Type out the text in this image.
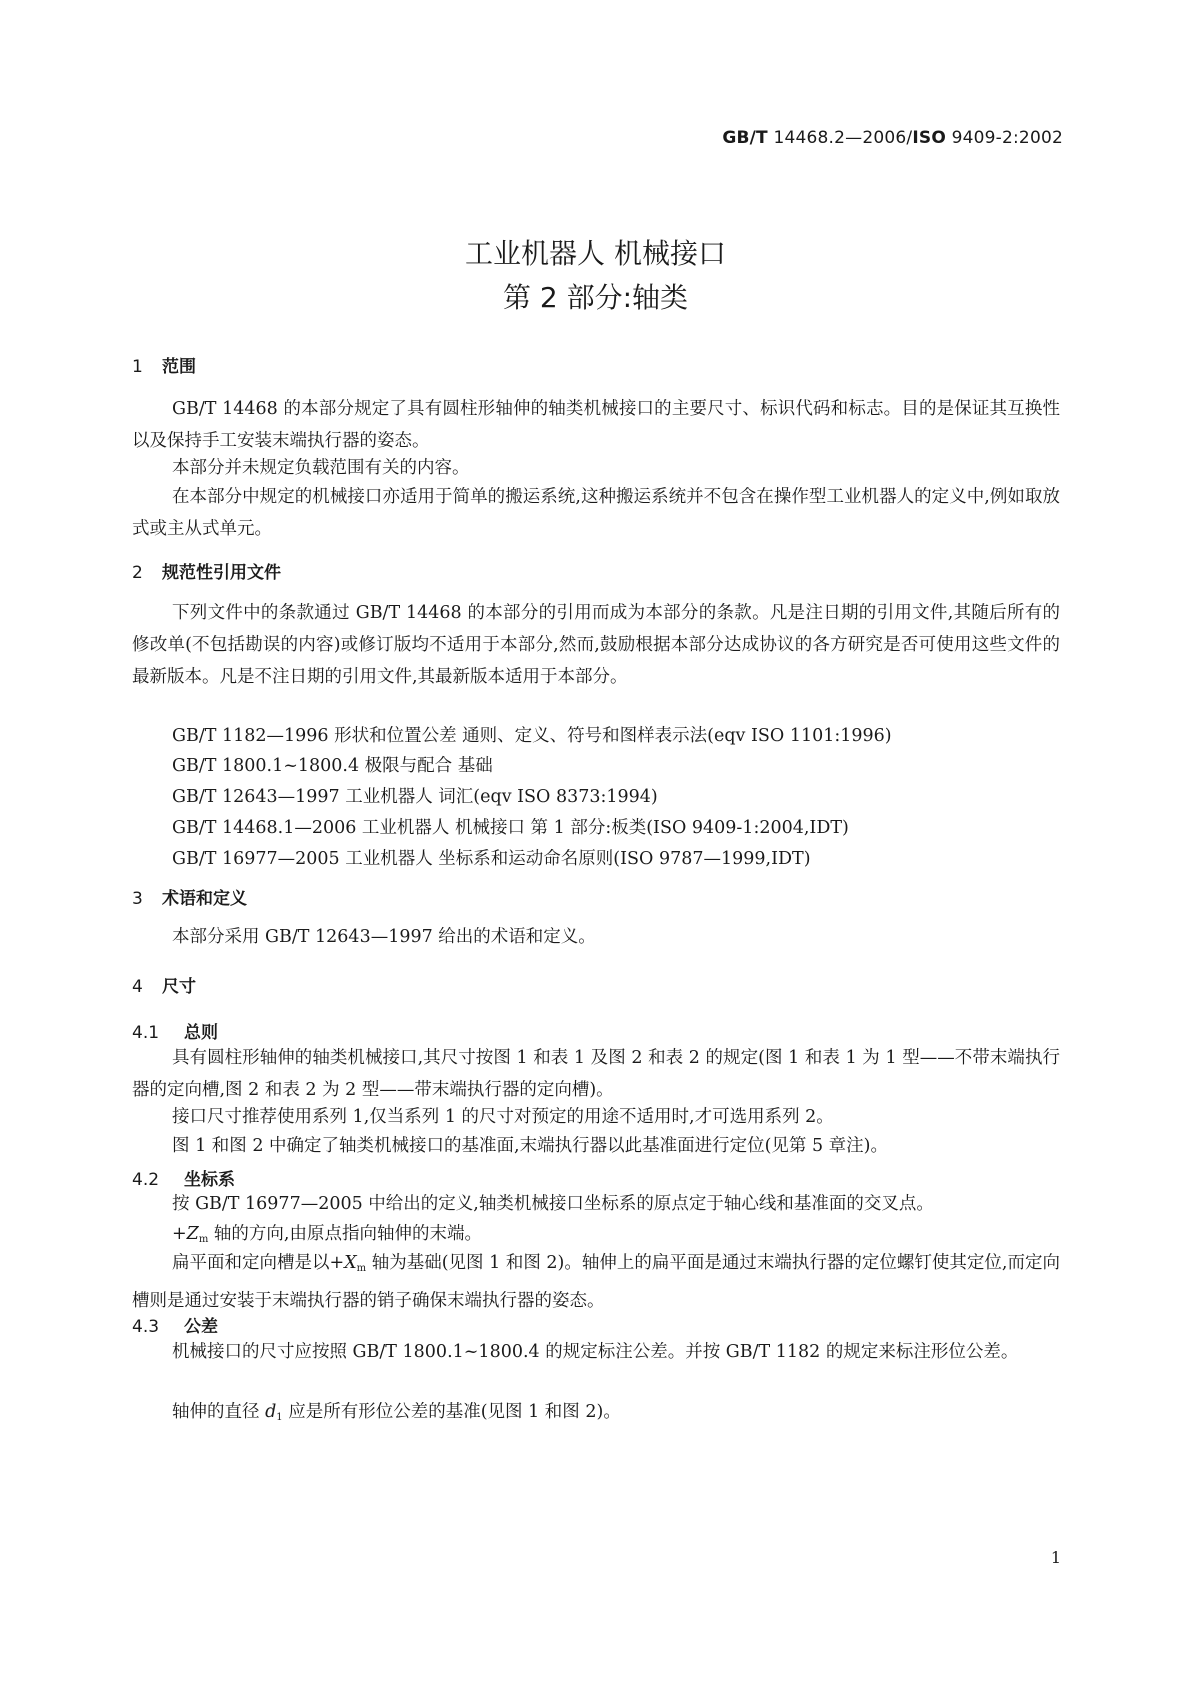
GB/T 14468.2—2006/ISO 9409-2:2002
工业机器人 机械接口
第 2 部分:轴类
1 范围
GB/T 14468 的本部分规定了具有圆柱形轴伸的轴类机械接口的主要尺寸、标识代码和标志。目的是保证其互换性以及保持手工安装末端执行器的姿态。
本部分并未规定负载范围有关的内容。
在本部分中规定的机械接口亦适用于简单的搬运系统,这种搬运系统并不包含在操作型工业机器人的定义中,例如取放式或主从式单元。
2 规范性引用文件
下列文件中的条款通过 GB/T 14468 的本部分的引用而成为本部分的条款。凡是注日期的引用文件,其随后所有的修改单(不包括勘误的内容)或修订版均不适用于本部分,然而,鼓励根据本部分达成协议的各方研究是否可使用这些文件的最新版本。凡是不注日期的引用文件,其最新版本适用于本部分。
GB/T 1182—1996 形状和位置公差 通则、定义、符号和图样表示法(eqv ISO 1101:1996)
GB/T 1800.1~1800.4 极限与配合 基础
GB/T 12643—1997 工业机器人 词汇(eqv ISO 8373:1994)
GB/T 14468.1—2006 工业机器人 机械接口 第 1 部分:板类(ISO 9409-1:2004,IDT)
GB/T 16977—2005 工业机器人 坐标系和运动命名原则(ISO 9787—1999,IDT)
3 术语和定义
本部分采用 GB/T 12643—1997 给出的术语和定义。
4 尺寸
4.1 总则
具有圆柱形轴伸的轴类机械接口,其尺寸按图 1 和表 1 及图 2 和表 2 的规定(图 1 和表 1 为 1 型——不带末端执行器的定向槽,图 2 和表 2 为 2 型——带末端执行器的定向槽)。
接口尺寸推荐使用系列 1,仅当系列 1 的尺寸对预定的用途不适用时,才可选用系列 2。
图 1 和图 2 中确定了轴类机械接口的基准面,末端执行器以此基准面进行定位(见第 5 章注)。
4.2 坐标系
按 GB/T 16977—2005 中给出的定义,轴类机械接口坐标系的原点定于轴心线和基准面的交叉点。
$+Z_m$ 轴的方向,由原点指向轴伸的末端。
扁平面和定向槽是以$+X_m$ 轴为基础(见图 1 和图 2)。轴伸上的扁平面是通过末端执行器的定位螺钉使其定位,而定向槽则是通过安装于末端执行器的销子确保末端执行器的姿态。
4.3 公差
机械接口的尺寸应按照 GB/T 1800.1~1800.4 的规定标注公差。并按 GB/T 1182 的规定来标注形位公差。
轴伸的直径 $d_1$ 应是所有形位公差的基准(见图 1 和图 2)。
1
